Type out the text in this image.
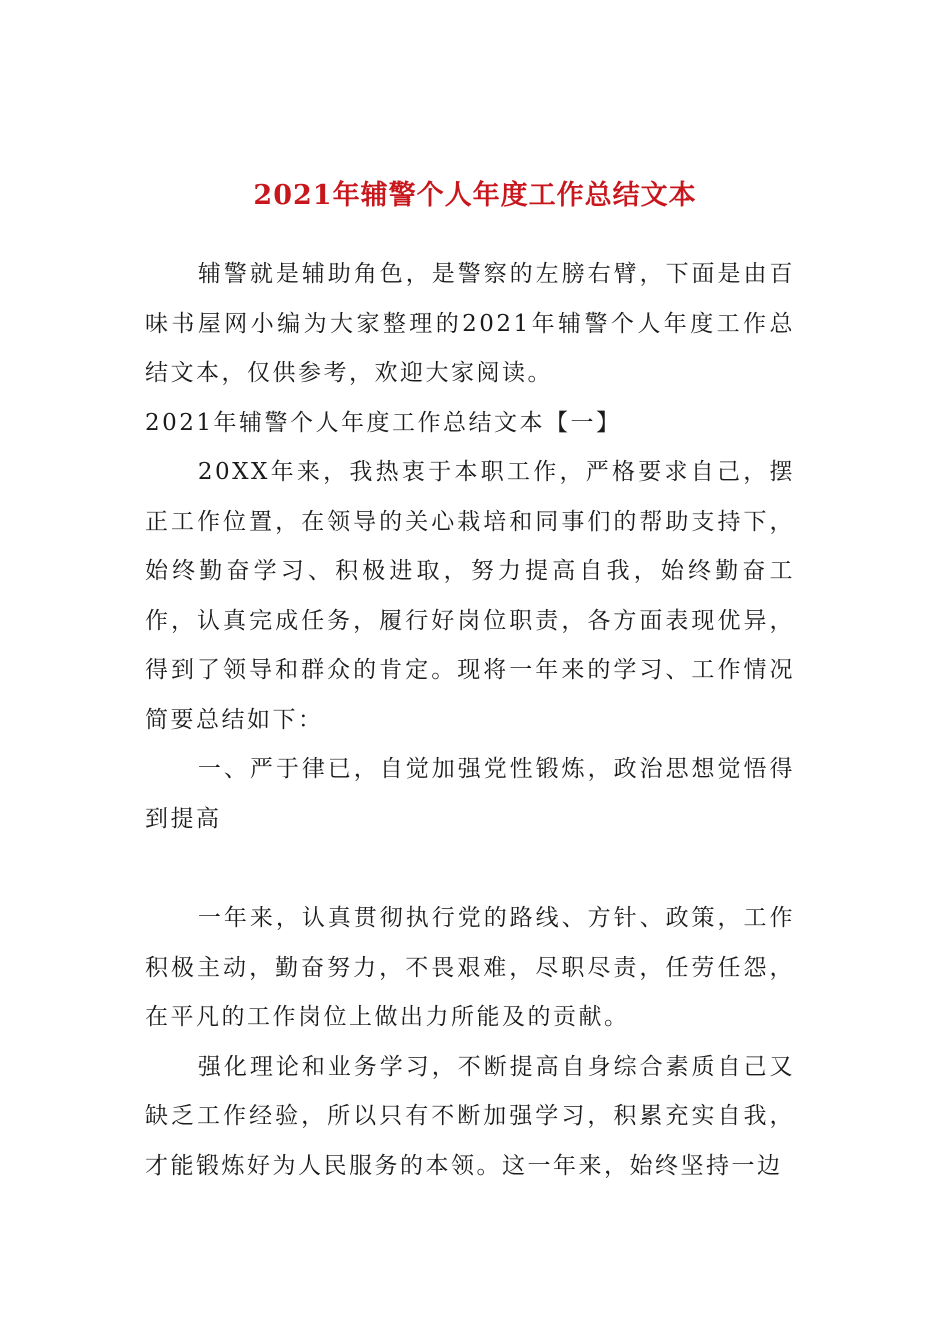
2021年辅警个人年度工作总结文本

辅警就是辅助角色，是警察的左膀右臂，下面是由百味书屋网小编为大家整理的2021年辅警个人年度工作总结文本，仅供参考，欢迎大家阅读。

2021年辅警个人年度工作总结文本【一】

20XX年来，我热衷于本职工作，严格要求自己，摆正工作位置，在领导的关心栽培和同事们的帮助支持下，始终勤奋学习、积极进取，努力提高自我，始终勤奋工作，认真完成任务，履行好岗位职责，各方面表现优异，得到了领导和群众的肯定。现将一年来的学习、工作情况简要总结如下：

一、严于律已，自觉加强党性锻炼，政治思想觉悟得到提高

一年来，认真贯彻执行党的路线、方针、政策，工作积极主动，勤奋努力，不畏艰难，尽职尽责，任劳任怨，在平凡的工作岗位上做出力所能及的贡献。

强化理论和业务学习，不断提高自身综合素质自己又缺乏工作经验，所以只有不断加强学习，积累充实自我，才能锻炼好为人民服务的本领。这一年来，始终坚持一边
